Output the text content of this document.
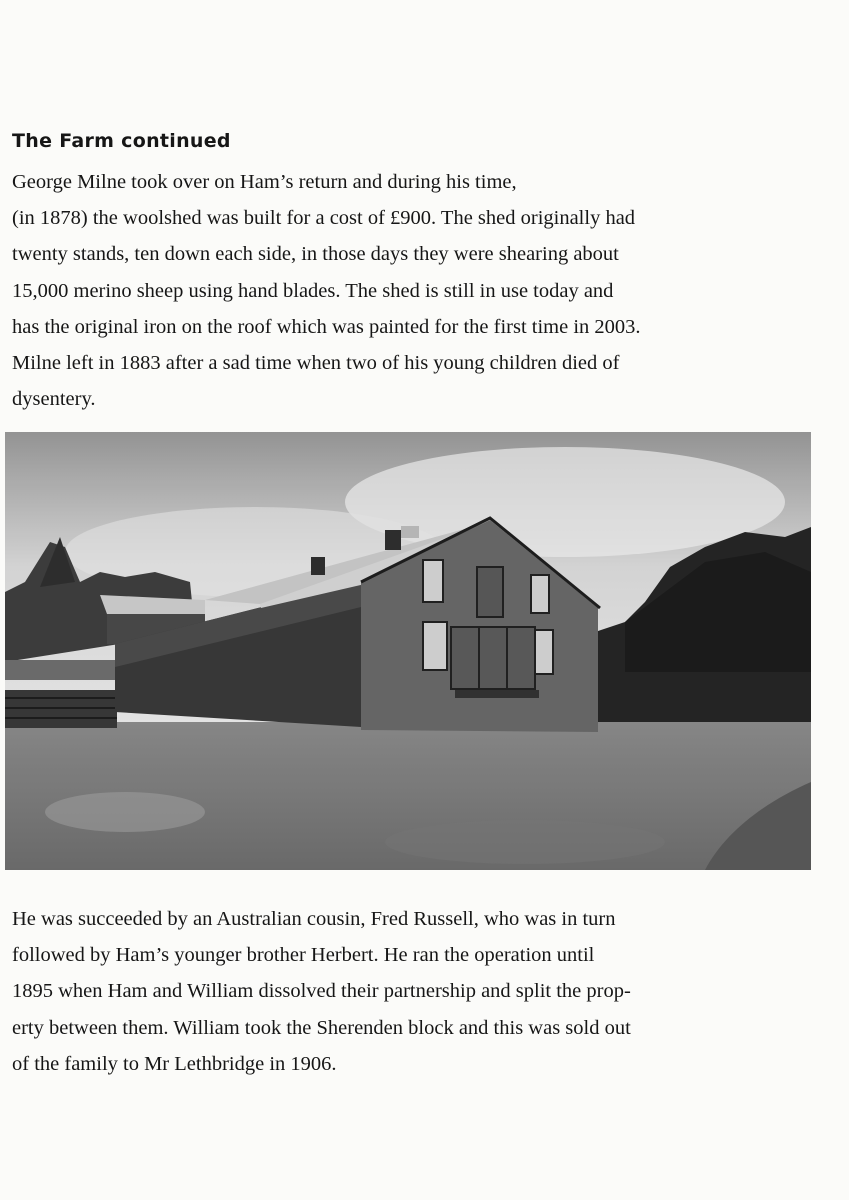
The Farm continued

George Milne took over on Ham’s return and during his time,
(in 1878) the woolshed was built for a cost of £900. The shed originally had
twenty stands, ten down each side, in those days they were shearing about
15,000 merino sheep using hand blades. The shed is still in use today and
has the original iron on the roof which was painted for the first time in 2003.
Milne left in 1883 after a sad time when two of his young children died of
dysentery.

He was succeeded by an Australian cousin, Fred Russell, who was in turn
followed by Ham’s younger brother Herbert. He ran the operation until
1895 when Ham and William dissolved their partnership and split the prop-
erty between them. William took the Sherenden block and this was sold out
of the family to Mr Lethbridge in 1906.
